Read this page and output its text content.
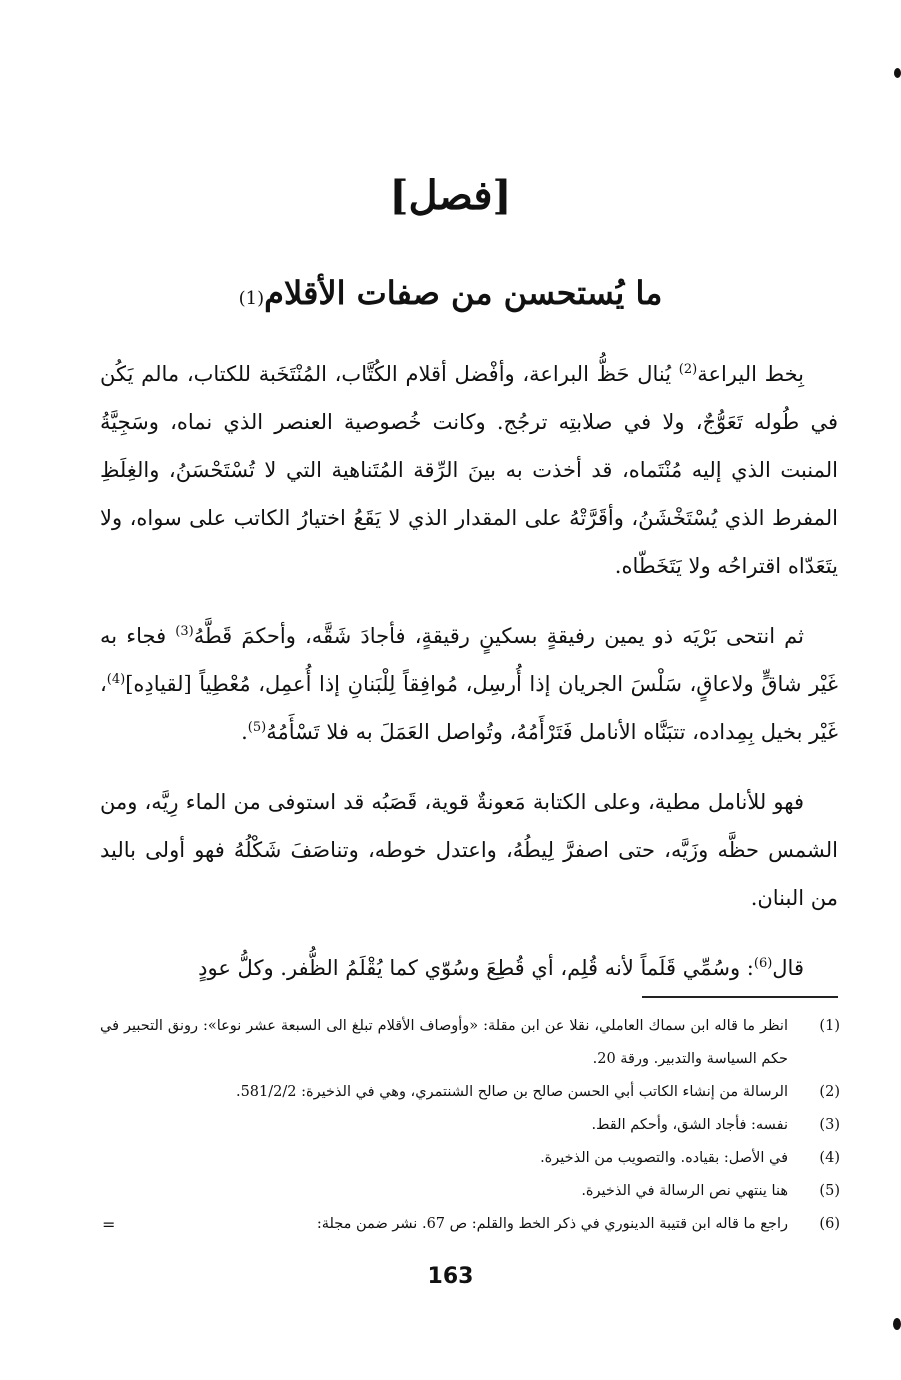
[فصل]
ما يُستحسن من صفات الأقلام$^{(1)}$

بِخط اليراعة$^{(2)}$ يُنال حَظُّ البراعة، وأفْضل أقلام الكُتَّاب، المُنْتَخَبة للكتاب، مالم يَكُن في طُوله تَعَوُّجٌ، ولا في صلابتِه ترجُج. وكانت خُصوصية العنصر الذي نماه، وسَجِيَّةُ المنبت الذي إليه مُنْتَماه، قد أخذت به بينَ الرِّقة المُتَناهية التي لا تُسْتَحْسَنُ، والغِلَظِ المفرط الذي يُسْتَخْشَنُ، وأقَرَّتْهُ على المقدار الذي لا يَقَعُ اختيارُ الكاتب على سواه، ولا يتَعَدّاه اقتراحُه ولا يَتَخَطّاه.

ثم انتحى بَرْيَه ذو يمين رفيقةٍ بسكينٍ رقيقةٍ، فأجادَ شَقَّه، وأحكمَ قَطَّهُ$^{(3)}$ فجاء به غَيْر شاقٍّ ولاعاقٍ، سَلْسَ الجريان إذا أُرسِل، مُوافِقاً لِلْبَنانِ إذا أُعمِل، مُعْطِياً [لقيادِه]$^{(4)}$، غَيْر بخيل بِمِداده، تتبَنَّاه الأنامل فَتَرْأَمُهُ، وتُواصل العَمَلَ به فلا تَسْأَمُهُ$^{(5)}$.

فهو للأنامل مطية، وعلى الكتابة مَعونةٌ قوية، قَصَبُه قد استوفى من الماء رِيَّه، ومن الشمس حظَّه وزَيَّه، حتى اصفرَّ لِيطُهُ، واعتدل خوطه، وتناصَفَ شَكْلُهُ فهو أولى باليد من البنان.

قال$^{(6)}$: وسُمِّي قَلَماً لأنه قُلِم، أي قُطِعَ وسُوّي كما يُقْلَمُ الظُّفر. وكلُّ عودٍ

(1)
انظر ما قاله ابن سماك العاملي، نقلا عن ابن مقلة: «وأوصاف الأقلام تبلغ الى السبعة عشر نوعا»: رونق التحبير في حكم السياسة والتدبير. ورقة 20.
(2)
الرسالة من إنشاء الكاتب أبي الحسن صالح بن صالح الشنتمري، وهي في الذخيرة: 581/2/2.
(3)
نفسه: فأجاد الشق، وأحكم القط.
(4)
في الأصل: بقياده. والتصويب من الذخيرة.
(5)
هنا ينتهي نص الرسالة في الذخيرة.
(6)
راجع ما قاله ابن قتيبة الدينوري في ذكر الخط والقلم: ص 67. نشر ضمن مجلة:
=
163
